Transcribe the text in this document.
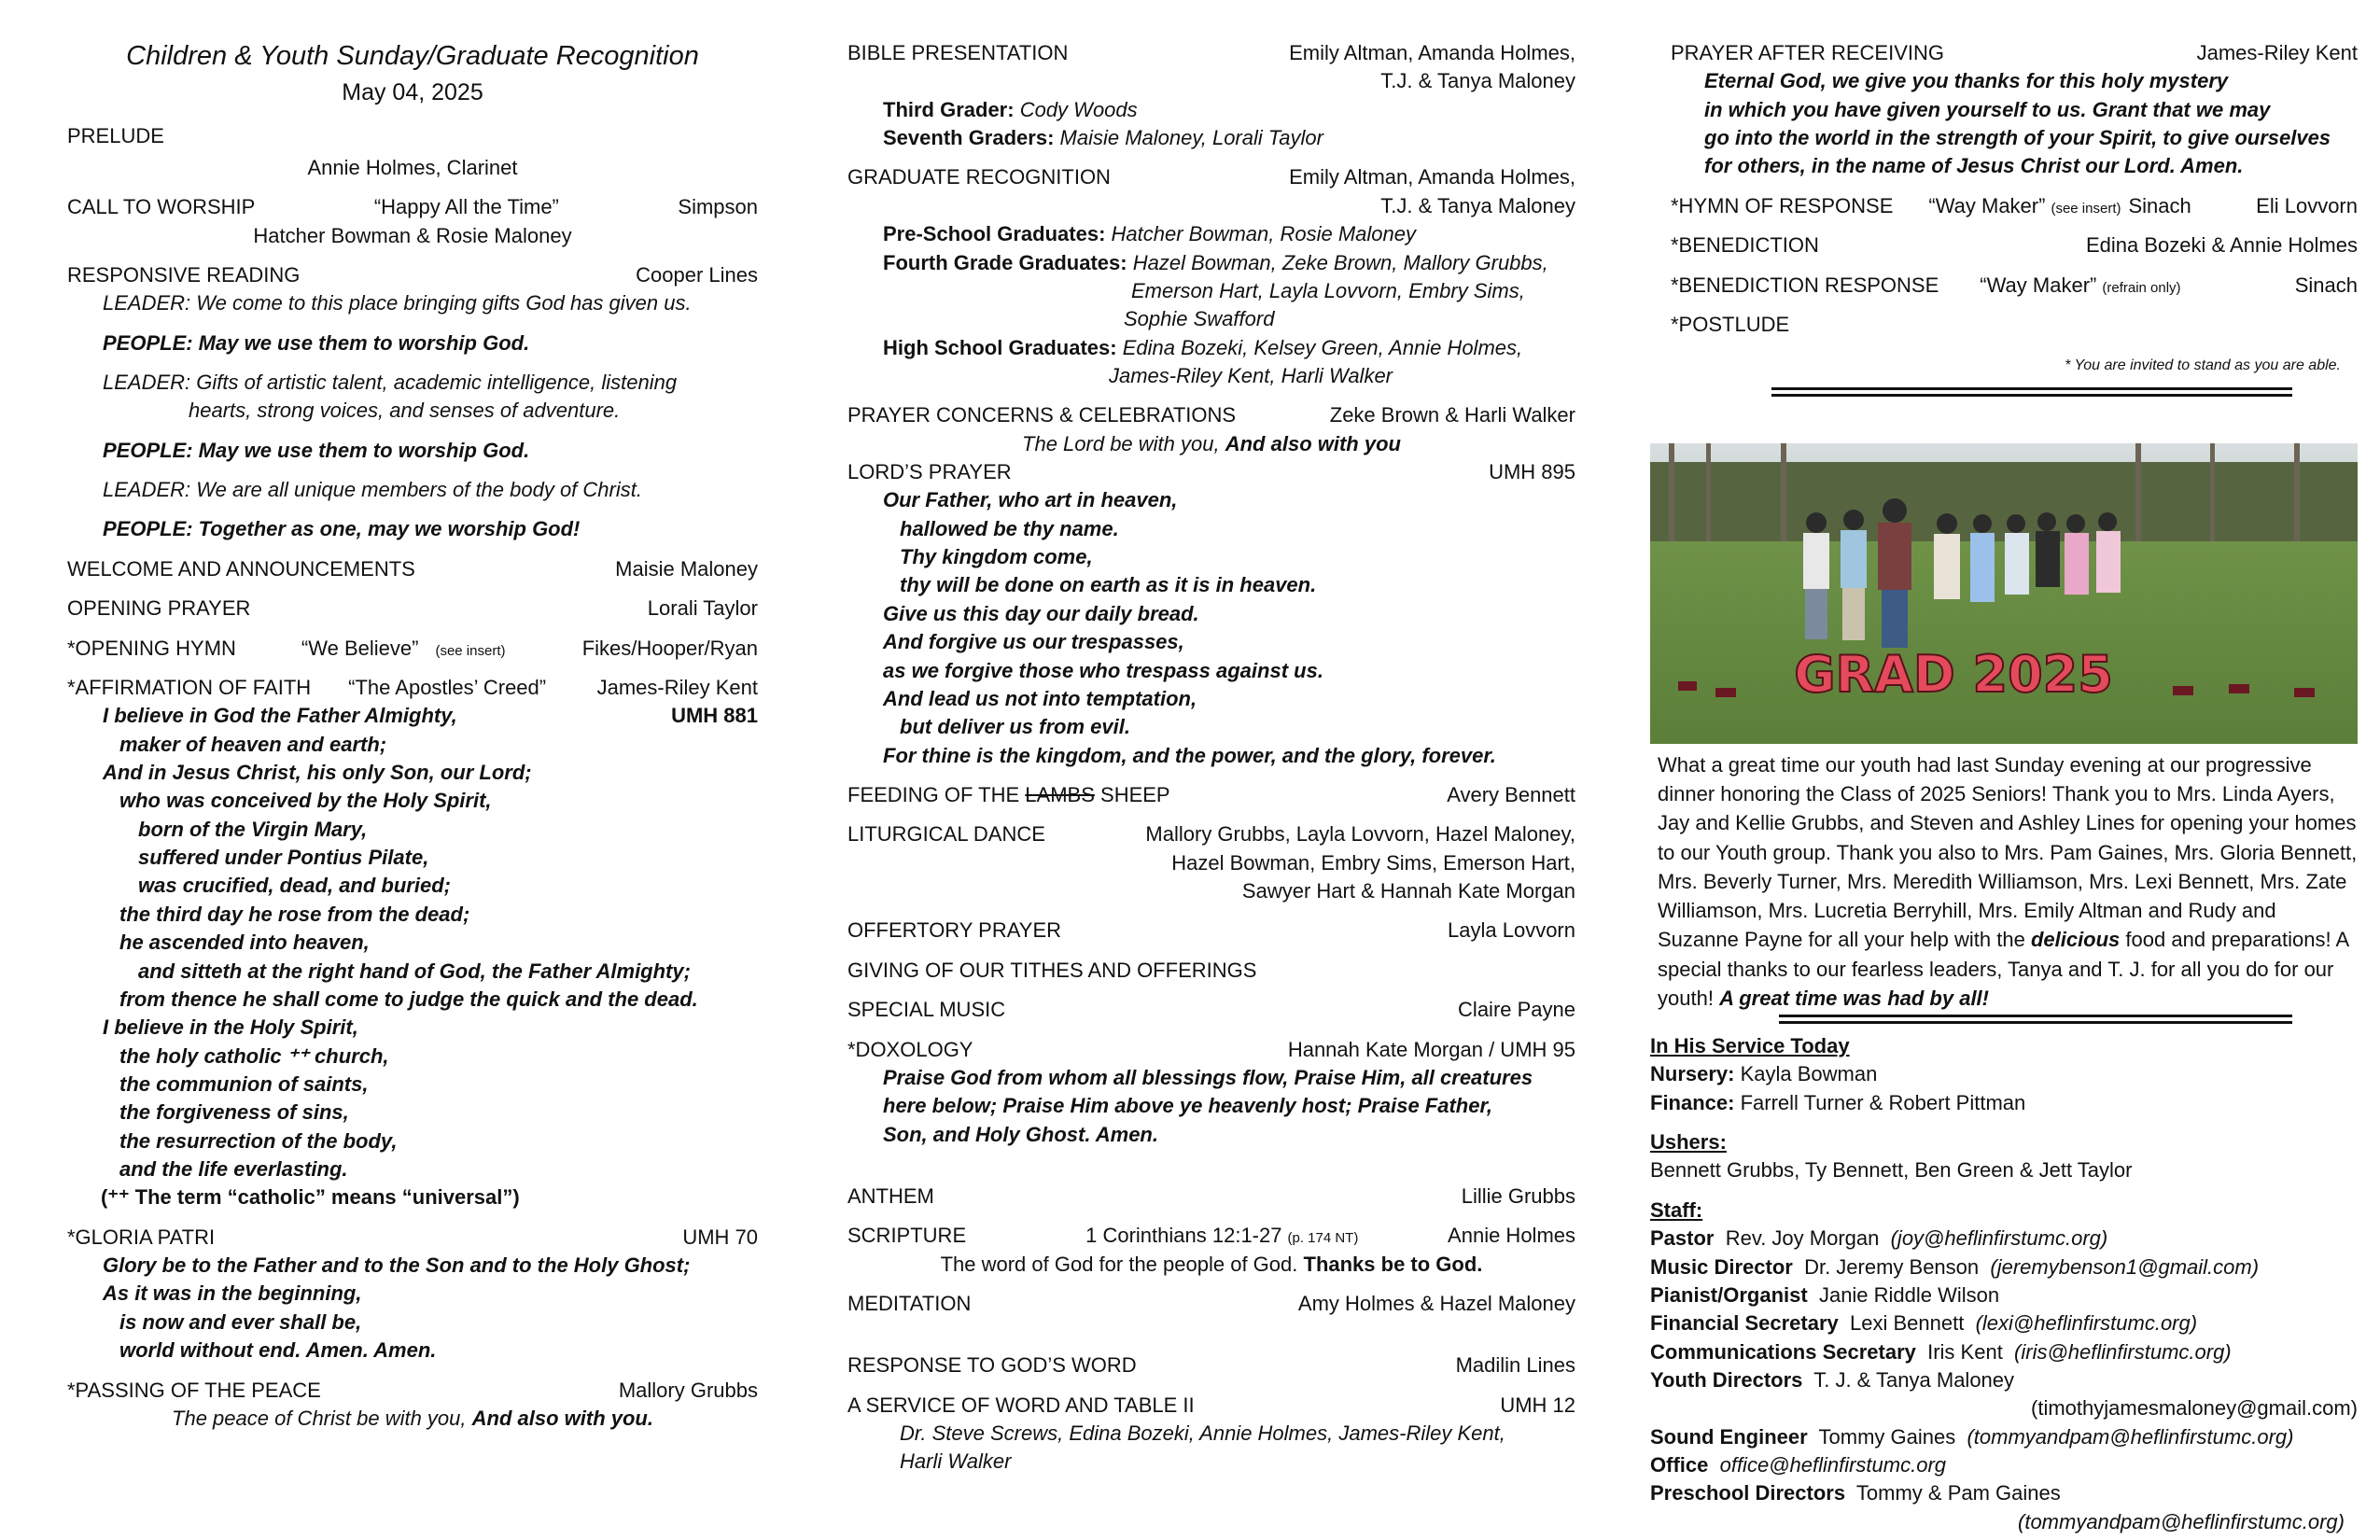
Children & Youth Sunday/Graduate Recognition
May 04, 2025
PRELUDE
Annie Holmes, Clarinet
CALL TO WORSHIP	“Happy All the Time”	Simpson
Hatcher Bowman & Rosie Maloney
RESPONSIVE READING	Cooper Lines
LEADER: We come to this place bringing gifts God has given us.
PEOPLE: May we use them to worship God.
LEADER: Gifts of artistic talent, academic intelligence, listening
hearts, strong voices, and senses of adventure.
PEOPLE: May we use them to worship God.
LEADER: We are all unique members of the body of Christ.
PEOPLE: Together as one, may we worship God!
WELCOME AND ANNOUNCEMENTS	Maisie Maloney
OPENING PRAYER	Lorali Taylor
*OPENING HYMN	“We Believe” (see insert)	Fikes/Hooper/Ryan
*AFFIRMATION OF FAITH “The Apostles’ Creed” James-Riley Kent
I believe in God the Father Almighty,	UMH 881
maker of heaven and earth;
And in Jesus Christ, his only Son, our Lord;
who was conceived by the Holy Spirit,
born of the Virgin Mary,
suffered under Pontius Pilate,
was crucified, dead, and buried;
the third day he rose from the dead;
he ascended into heaven,
and sitteth at the right hand of God, the Father Almighty;
from thence he shall come to judge the quick and the dead.
I believe in the Holy Spirit,
the holy catholic ⁺⁺ church,
the communion of saints,
the forgiveness of sins,
the resurrection of the body,
and the life everlasting.
(⁺⁺ The term “catholic” means “universal”)
*GLORIA PATRI	UMH 70
Glory be to the Father and to the Son and to the Holy Ghost;
As it was in the beginning,
is now and ever shall be,
world without end. Amen. Amen.
*PASSING OF THE PEACE	Mallory Grubbs
The peace of Christ be with you, And also with you.
BIBLE PRESENTATION	Emily Altman, Amanda Holmes,
T.J. & Tanya Maloney
Third Grader: Cody Woods
Seventh Graders: Maisie Maloney, Lorali Taylor
GRADUATE RECOGNITION	Emily Altman, Amanda Holmes,
T.J. & Tanya Maloney
Pre-School Graduates: Hatcher Bowman, Rosie Maloney
Fourth Grade Graduates: Hazel Bowman, Zeke Brown, Mallory Grubbs,
Emerson Hart, Layla Lovvorn, Embry Sims,
Sophie Swafford
High School Graduates: Edina Bozeki, Kelsey Green, Annie Holmes,
James-Riley Kent, Harli Walker
PRAYER CONCERNS & CELEBRATIONS	Zeke Brown & Harli Walker
The Lord be with you, And also with you
LORD’S PRAYER	UMH 895
Our Father, who art in heaven,
hallowed be thy name.
Thy kingdom come,
thy will be done on earth as it is in heaven.
Give us this day our daily bread.
And forgive us our trespasses,
as we forgive those who trespass against us.
And lead us not into temptation,
but deliver us from evil.
For thine is the kingdom, and the power, and the glory, forever.
FEEDING OF THE LAMBS SHEEP	Avery Bennett
LITURGICAL DANCE	Mallory Grubbs, Layla Lovvorn, Hazel Maloney,
Hazel Bowman, Embry Sims, Emerson Hart,
Sawyer Hart & Hannah Kate Morgan
OFFERTORY PRAYER	Layla Lovvorn
GIVING OF OUR TITHES AND OFFERINGS
SPECIAL MUSIC	Claire Payne
*DOXOLOGY	Hannah Kate Morgan / UMH 95
Praise God from whom all blessings flow, Praise Him, all creatures
here below; Praise Him above ye heavenly host; Praise Father,
Son, and Holy Ghost. Amen.
ANTHEM	Lillie Grubbs
SCRIPTURE	1 Corinthians 12:1-27 (p. 174 NT)	Annie Holmes
The word of God for the people of God. Thanks be to God.
MEDITATION	Amy Holmes & Hazel Maloney
RESPONSE TO GOD’S WORD	Madilin Lines
A SERVICE OF WORD AND TABLE II	UMH 12
Dr. Steve Screws, Edina Bozeki, Annie Holmes, James-Riley Kent,
Harli Walker
PRAYER AFTER RECEIVING	James-Riley Kent
Eternal God, we give you thanks for this holy mystery
in which you have given yourself to us. Grant that we may
go into the world in the strength of your Spirit, to give ourselves
for others, in the name of Jesus Christ our Lord. Amen.
*HYMN OF RESPONSE “Way Maker” (see insert) Sinach	Eli Lovvorn
*BENEDICTION	Edina Bozeki & Annie Holmes
*BENEDICTION RESPONSE “Way Maker” (refrain only)	Sinach
*POSTLUDE
* You are invited to stand as you are able.
GRAD 2025
What a great time our youth had last Sunday evening at our progressive dinner honoring the Class of 2025 Seniors! Thank you to Mrs. Linda Ayers, Jay and Kellie Grubbs, and Steven and Ashley Lines for opening your homes to our Youth group. Thank you also to Mrs. Pam Gaines, Mrs. Gloria Bennett, Mrs. Beverly Turner, Mrs. Meredith Williamson, Mrs. Lexi Bennett, Mrs. Zate Williamson, Mrs. Lucretia Berryhill, Mrs. Emily Altman and Rudy and Suzanne Payne for all your help with the delicious food and preparations! A special thanks to our fearless leaders, Tanya and T. J. for all you do for our youth! A great time was had by all!
In His Service Today
Nursery: Kayla Bowman
Finance: Farrell Turner & Robert Pittman
Ushers:
Bennett Grubbs, Ty Bennett, Ben Green & Jett Taylor
Staff:
Pastor Rev. Joy Morgan (joy@heflinfirstumc.org)
Music Director Dr. Jeremy Benson (jeremybenson1@gmail.com)
Pianist/Organist Janie Riddle Wilson
Financial Secretary Lexi Bennett (lexi@heflinfirstumc.org)
Communications Secretary Iris Kent (iris@heflinfirstumc.org)
Youth Directors T. J. & Tanya Maloney
(timothyjamesmaloney@gmail.com)
Sound Engineer Tommy Gaines (tommyandpam@heflinfirstumc.org)
Office office@heflinfirstumc.org
Preschool Directors Tommy & Pam Gaines
(tommyandpam@heflinfirstumc.org)
